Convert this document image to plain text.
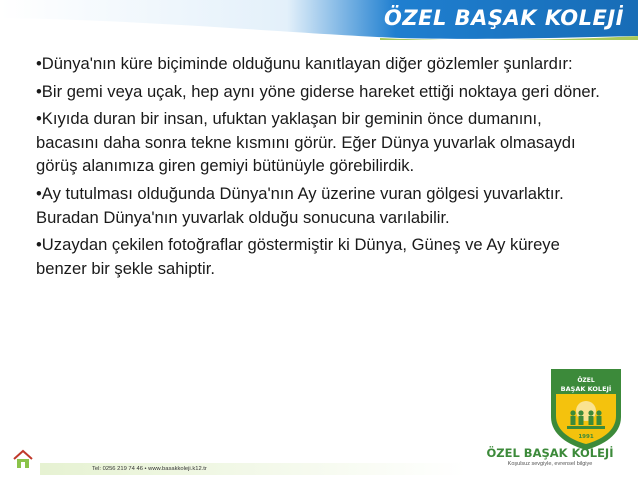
ÖZEL BAŞAK KOLEJİ

•Dünya'nın küre biçiminde olduğunu kanıtlayan diğer gözlemler şunlardır:

•Bir gemi veya uçak, hep aynı yöne giderse hareket ettiği noktaya geri döner.

•Kıyıda duran bir insan, ufuktan yaklaşan bir geminin önce dumanını, bacasını daha sonra tekne kısmını görür. Eğer Dünya yuvarlak olmasaydı görüş alanımıza giren gemiyi bütünüyle görebilirdik.

•Ay tutulması olduğunda Dünya'nın Ay üzerine vuran gölgesi yuvarlaktır. Buradan Dünya'nın yuvarlak olduğu sonucuna varılabilir.

•Uzaydan çekilen fotoğraflar göstermiştir ki Dünya, Güneş ve Ay küreye benzer bir şekle sahiptir.

ÖZEL
BAŞAK KOLEJİ
1991
ÖZEL BAŞAK KOLEJİ
Koşulsuz sevgiyle, evrensel bilgiye
Tel: 0256 219 74 46 • www.basakkoleji.k12.tr
